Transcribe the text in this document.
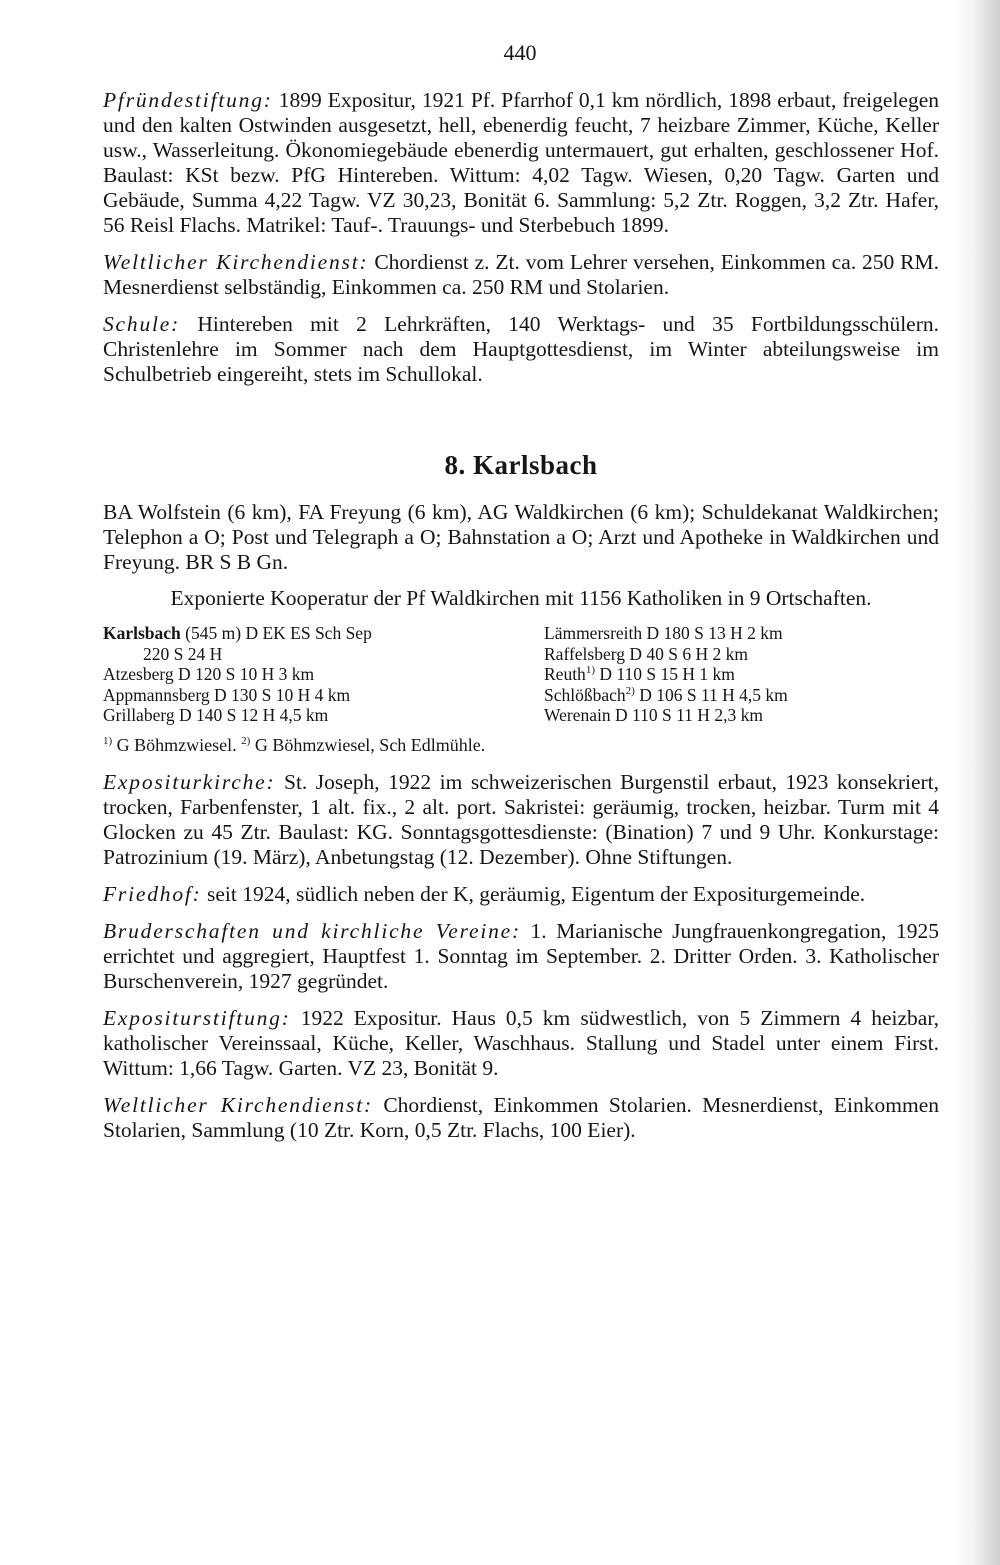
440

Pfründestiftung: 1899 Expositur, 1921 Pf. Pfarrhof 0,1 km nördlich, 1898 erbaut, freigelegen und den kalten Ostwinden ausgesetzt, hell, ebenerdig feucht, 7 heizbare Zimmer, Küche, Keller usw., Wasserleitung. Ökonomiegebäude ebenerdig untermauert, gut erhalten, geschlossener Hof. Baulast: KSt bezw. PfG Hintereben. Wittum: 4,02 Tagw. Wiesen, 0,20 Tagw. Garten und Gebäude, Summa 4,22 Tagw. VZ 30,23, Bonität 6. Sammlung: 5,2 Ztr. Roggen, 3,2 Ztr. Hafer, 56 Reisl Flachs. Matrikel: Tauf-. Trauungs- und Sterbebuch 1899.

Weltlicher Kirchendienst: Chordienst z. Zt. vom Lehrer versehen, Einkommen ca. 250 RM. Mesnerdienst selbständig, Einkommen ca. 250 RM und Stolarien.

Schule: Hintereben mit 2 Lehrkräften, 140 Werktags- und 35 Fortbildungsschülern. Christenlehre im Sommer nach dem Hauptgottesdienst, im Winter abteilungsweise im Schulbetrieb eingereiht, stets im Schullokal.

8. Karlsbach

BA Wolfstein (6 km), FA Freyung (6 km), AG Waldkirchen (6 km); Schuldekanat Waldkirchen; Telephon a O; Post und Telegraph a O; Bahnstation a O; Arzt und Apotheke in Waldkirchen und Freyung. BR S B Gn.

Exponierte Kooperatur der Pf Waldkirchen mit 1156 Katholiken in 9 Ortschaften.

Karlsbach (545 m) D EK ES Sch Sep
220 S 24 H
Atzesberg D 120 S 10 H 3 km
Appmannsberg D 130 S 10 H 4 km
Grillaberg D 140 S 12 H 4,5 km
Lämmersreith D 180 S 13 H 2 km
Raffelsberg D 40 S 6 H 2 km
Reuth$^{1)}$ D 110 S 15 H 1 km
Schlößbach$^{2)}$ D 106 S 11 H 4,5 km
Werenain D 110 S 11 H 2,3 km

$^{1)}$ G Böhmzwiesel. $^{2)}$ G Böhmzwiesel, Sch Edlmühle.

Expositurkirche: St. Joseph, 1922 im schweizerischen Burgenstil erbaut, 1923 konsekriert, trocken, Farbenfenster, 1 alt. fix., 2 alt. port. Sakristei: geräumig, trocken, heizbar. Turm mit 4 Glocken zu 45 Ztr. Baulast: KG. Sonntagsgottesdienste: (Bination) 7 und 9 Uhr. Konkurstage: Patrozinium (19. März), Anbetungstag (12. Dezember). Ohne Stiftungen.

Friedhof: seit 1924, südlich neben der K, geräumig, Eigentum der Expositurgemeinde.

Bruderschaften und kirchliche Vereine: 1. Marianische Jungfrauenkongregation, 1925 errichtet und aggregiert, Hauptfest 1. Sonntag im September. 2. Dritter Orden. 3. Katholischer Burschenverein, 1927 gegründet.

Expositurstiftung: 1922 Expositur. Haus 0,5 km südwestlich, von 5 Zimmern 4 heizbar, katholischer Vereinssaal, Küche, Keller, Waschhaus. Stallung und Stadel unter einem First. Wittum: 1,66 Tagw. Garten. VZ 23, Bonität 9.

Weltlicher Kirchendienst: Chordienst, Einkommen Stolarien. Mesnerdienst, Einkommen Stolarien, Sammlung (10 Ztr. Korn, 0,5 Ztr. Flachs, 100 Eier).
